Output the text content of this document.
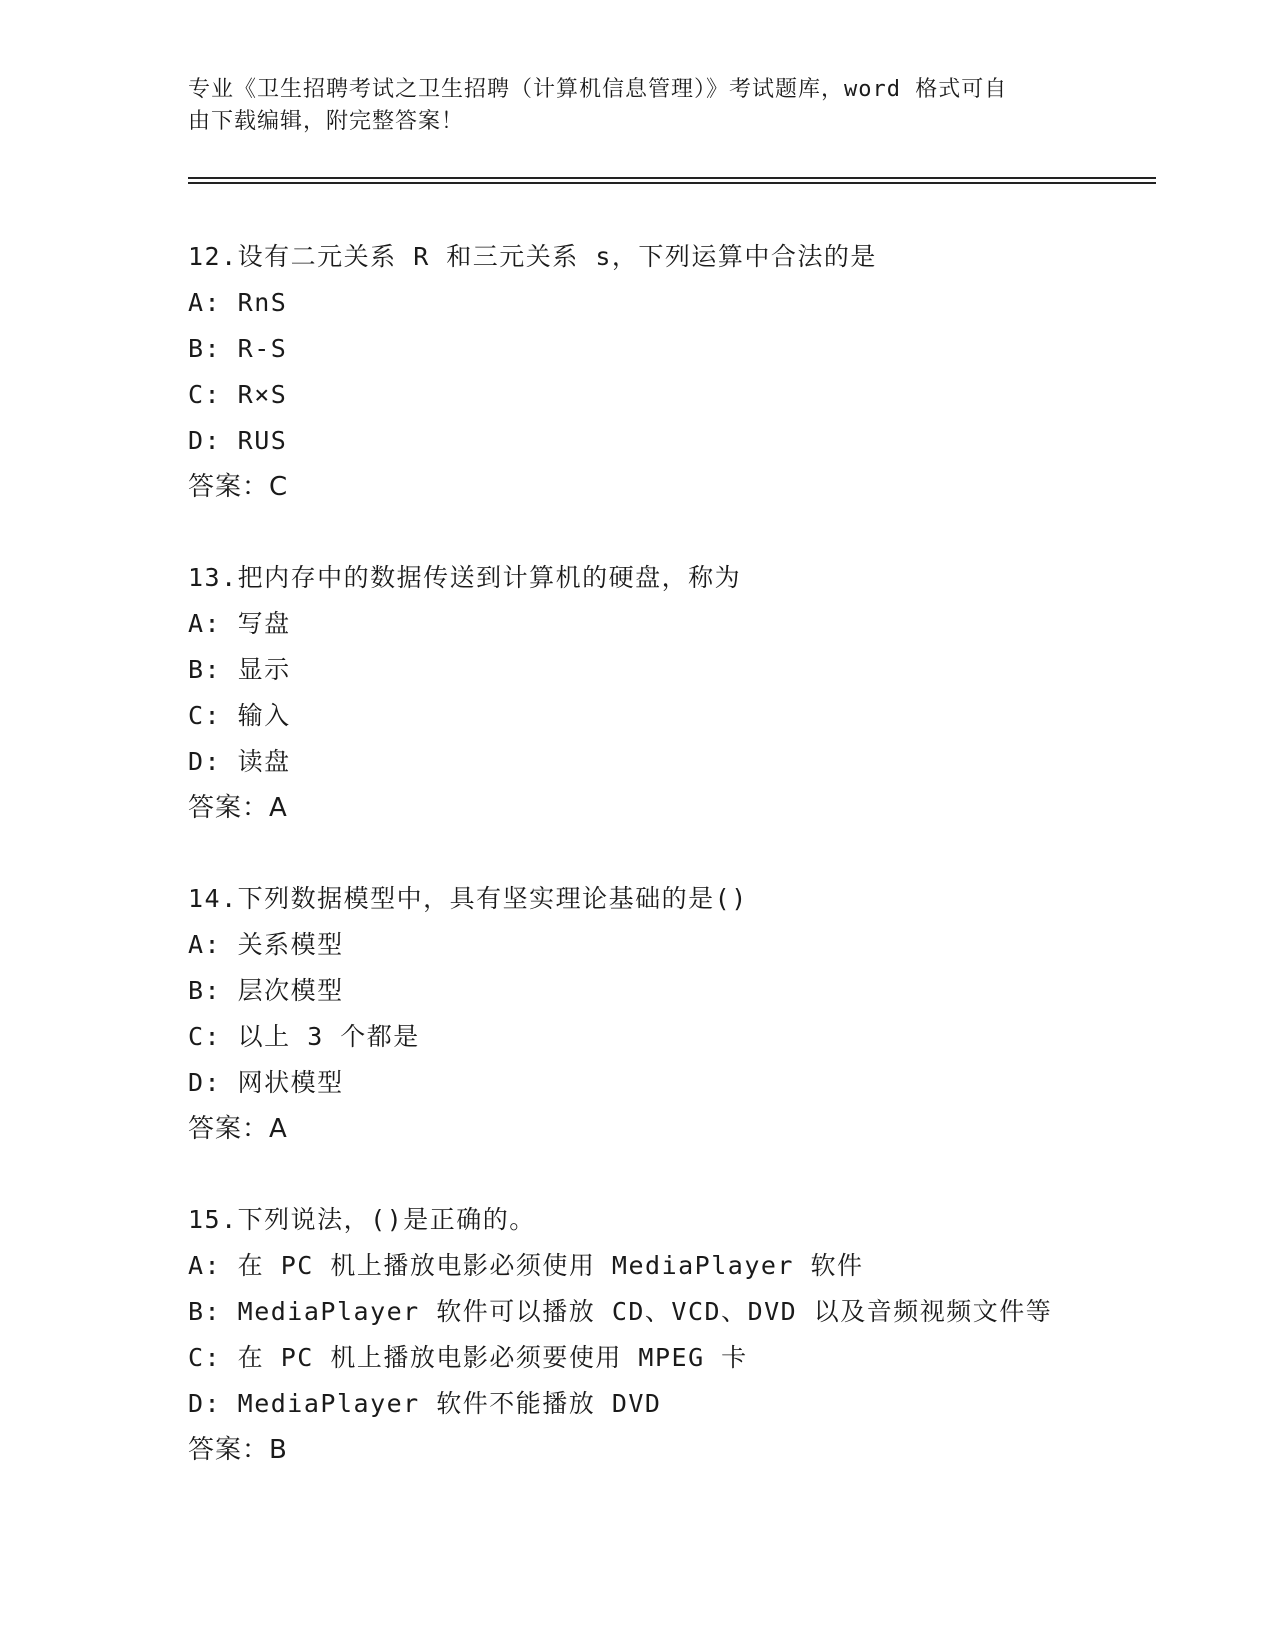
专业《卫生招聘考试之卫生招聘（计算机信息管理）》考试题库，word 格式可自
由下载编辑，附完整答案！
12.设有二元关系 R 和三元关系 s，下列运算中合法的是
A: RnS
B: R-S
C: R×S
D: RUS
答案：C
13.把内存中的数据传送到计算机的硬盘，称为
A: 写盘
B: 显示
C: 输入
D: 读盘
答案：A
14.下列数据模型中，具有坚实理论基础的是()
A: 关系模型
B: 层次模型
C: 以上 3 个都是
D: 网状模型
答案：A
15.下列说法，()是正确的。
A: 在 PC 机上播放电影必须使用 MediaPlayer 软件
B: MediaPlayer 软件可以播放 CD、VCD、DVD 以及音频视频文件等
C: 在 PC 机上播放电影必须要使用 MPEG 卡
D: MediaPlayer 软件不能播放 DVD
答案：B
